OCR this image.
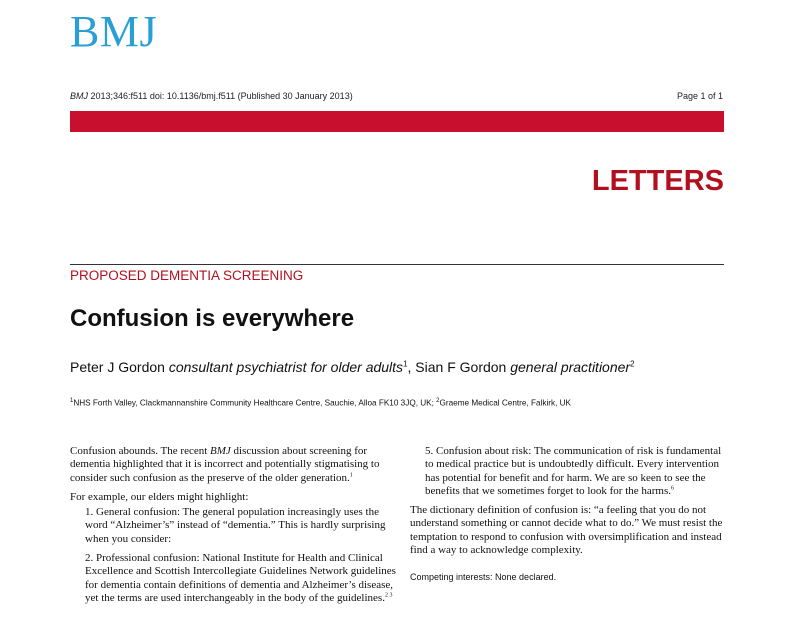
BMJ
BMJ 2013;346:f511 doi: 10.1136/bmj.f511 (Published 30 January 2013)	Page 1 of 1
LETTERS
PROPOSED DEMENTIA SCREENING
Confusion is everywhere
Peter J Gordon consultant psychiatrist for older adults$^1$, Sian F Gordon general practitioner$^2$
$^1$NHS Forth Valley, Clackmannanshire Community Healthcare Centre, Sauchie, Alloa FK10 3JQ, UK; $^2$Graeme Medical Centre, Falkirk, UK

Confusion abounds. The recent BMJ discussion about screening for dementia highlighted that it is incorrect and potentially stigmatising to consider such confusion as the preserve of the older generation.$^1$

For example, our elders might highlight:

1. General confusion: The general population increasingly uses the word “Alzheimer’s” instead of “dementia.” This is hardly surprising when you consider:

2. Professional confusion: National Institute for Health and Clinical Excellence and Scottish Intercollegiate Guidelines Network guidelines for dementia contain definitions of dementia and Alzheimer’s disease, yet the terms are used interchangeably in the body of the guidelines.$^{2 3}$

5. Confusion about risk: The communication of risk is fundamental to medical practice but is undoubtedly difficult. Every intervention has potential for benefit and for harm. We are so keen to see the benefits that we sometimes forget to look for the harms.$^6$

The dictionary definition of confusion is: “a feeling that you do not understand something or cannot decide what to do.” We must resist the temptation to respond to confusion with oversimplification and instead find a way to acknowledge complexity.

Competing interests: None declared.
